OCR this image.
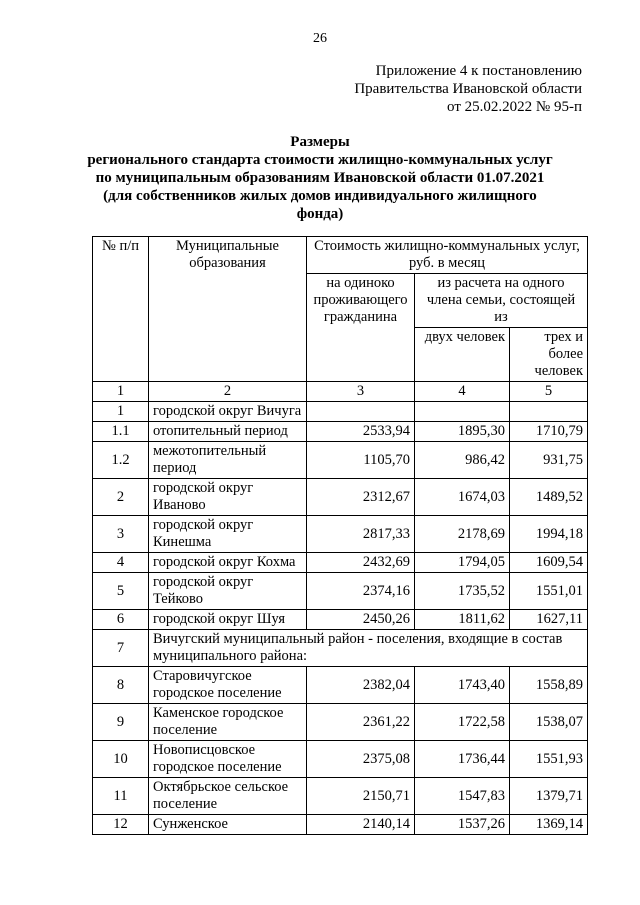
26
Приложение 4 к постановлению
Правительства Ивановской области
от 25.02.2022 № 95-п
Размеры
регионального стандарта стоимости жилищно-коммунальных услуг
по муниципальным образованиям Ивановской области 01.07.2021
(для собственников жилых домов индивидуального жилищного
фонда)
№ п/п	Муниципальные образования	Стоимость жилищно-коммунальных услуг, руб. в месяц		
		на одиноко проживающего гражданина	из расчета на одного члена семьи, состоящей из	
			двух человек	трех и более человек
1	2	3	4	5
1	городской округ Вичуга			
1.1	отопительный период	2533,94	1895,30	1710,79
1.2	межотопительный период	1105,70	986,42	931,75
2	городской округ Иваново	2312,67	1674,03	1489,52
3	городской округ Кинешма	2817,33	2178,69	1994,18
4	городской округ Кохма	2432,69	1794,05	1609,54
5	городской округ Тейково	2374,16	1735,52	1551,01
6	городской округ Шуя	2450,26	1811,62	1627,11
7	Вичугский муниципальный район - поселения, входящие в состав муниципального района:			
8	Старовичугское городское поселение	2382,04	1743,40	1558,89
9	Каменское городское поселение	2361,22	1722,58	1538,07
10	Новописцовское городское поселение	2375,08	1736,44	1551,93
11	Октябрьское сельское поселение	2150,71	1547,83	1379,71
12	Сунженское	2140,14	1537,26	1369,14
